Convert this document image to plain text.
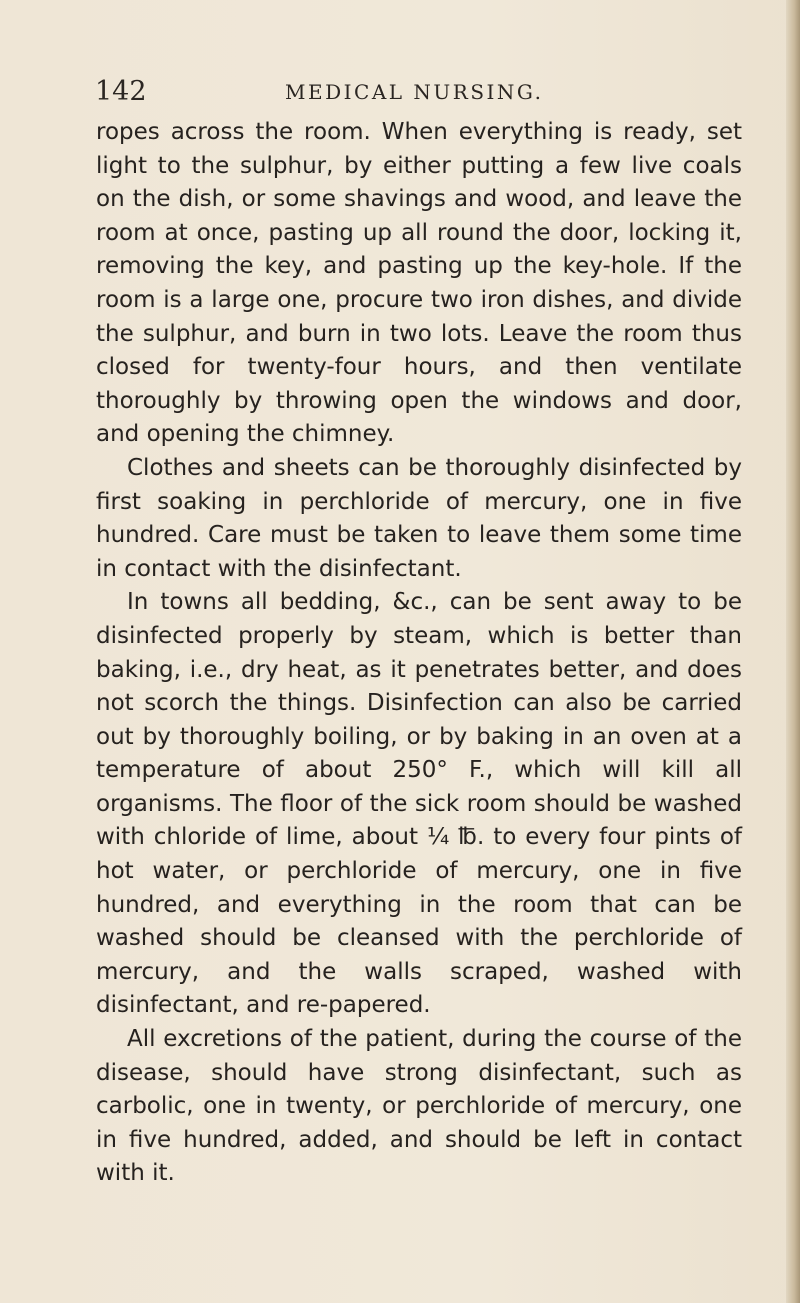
142	MEDICAL NURSING.

ropes across the room. When everything is ready, set light to the sulphur, by either putting a few live coals on the dish, or some shavings and wood, and leave the room at once, pasting up all round the door, locking it, removing the key, and pasting up the key-hole. If the room is a large one, procure two iron dishes, and divide the sulphur, and burn in two lots. Leave the room thus closed for twenty-four hours, and then ventilate thoroughly by throwing open the windows and door, and opening the chimney.

Clothes and sheets can be thoroughly disinfected by first soaking in perchloride of mercury, one in five hundred. Care must be taken to leave them some time in contact with the disinfectant.

In towns all bedding, &c., can be sent away to be disinfected properly by steam, which is better than baking, i.e., dry heat, as it penetrates better, and does not scorch the things. Disinfection can also be carried out by thoroughly boiling, or by baking in an oven at a temperature of about 250° F., which will kill all organisms. The floor of the sick room should be washed with chloride of lime, about ¼ ℔. to every four pints of hot water, or perchloride of mercury, one in five hundred, and everything in the room that can be washed should be cleansed with the perchloride of mercury, and the walls scraped, washed with disinfectant, and re-papered.

All excretions of the patient, during the course of the disease, should have strong disinfectant, such as carbolic, one in twenty, or perchloride of mercury, one in five hundred, added, and should be left in contact with it.
